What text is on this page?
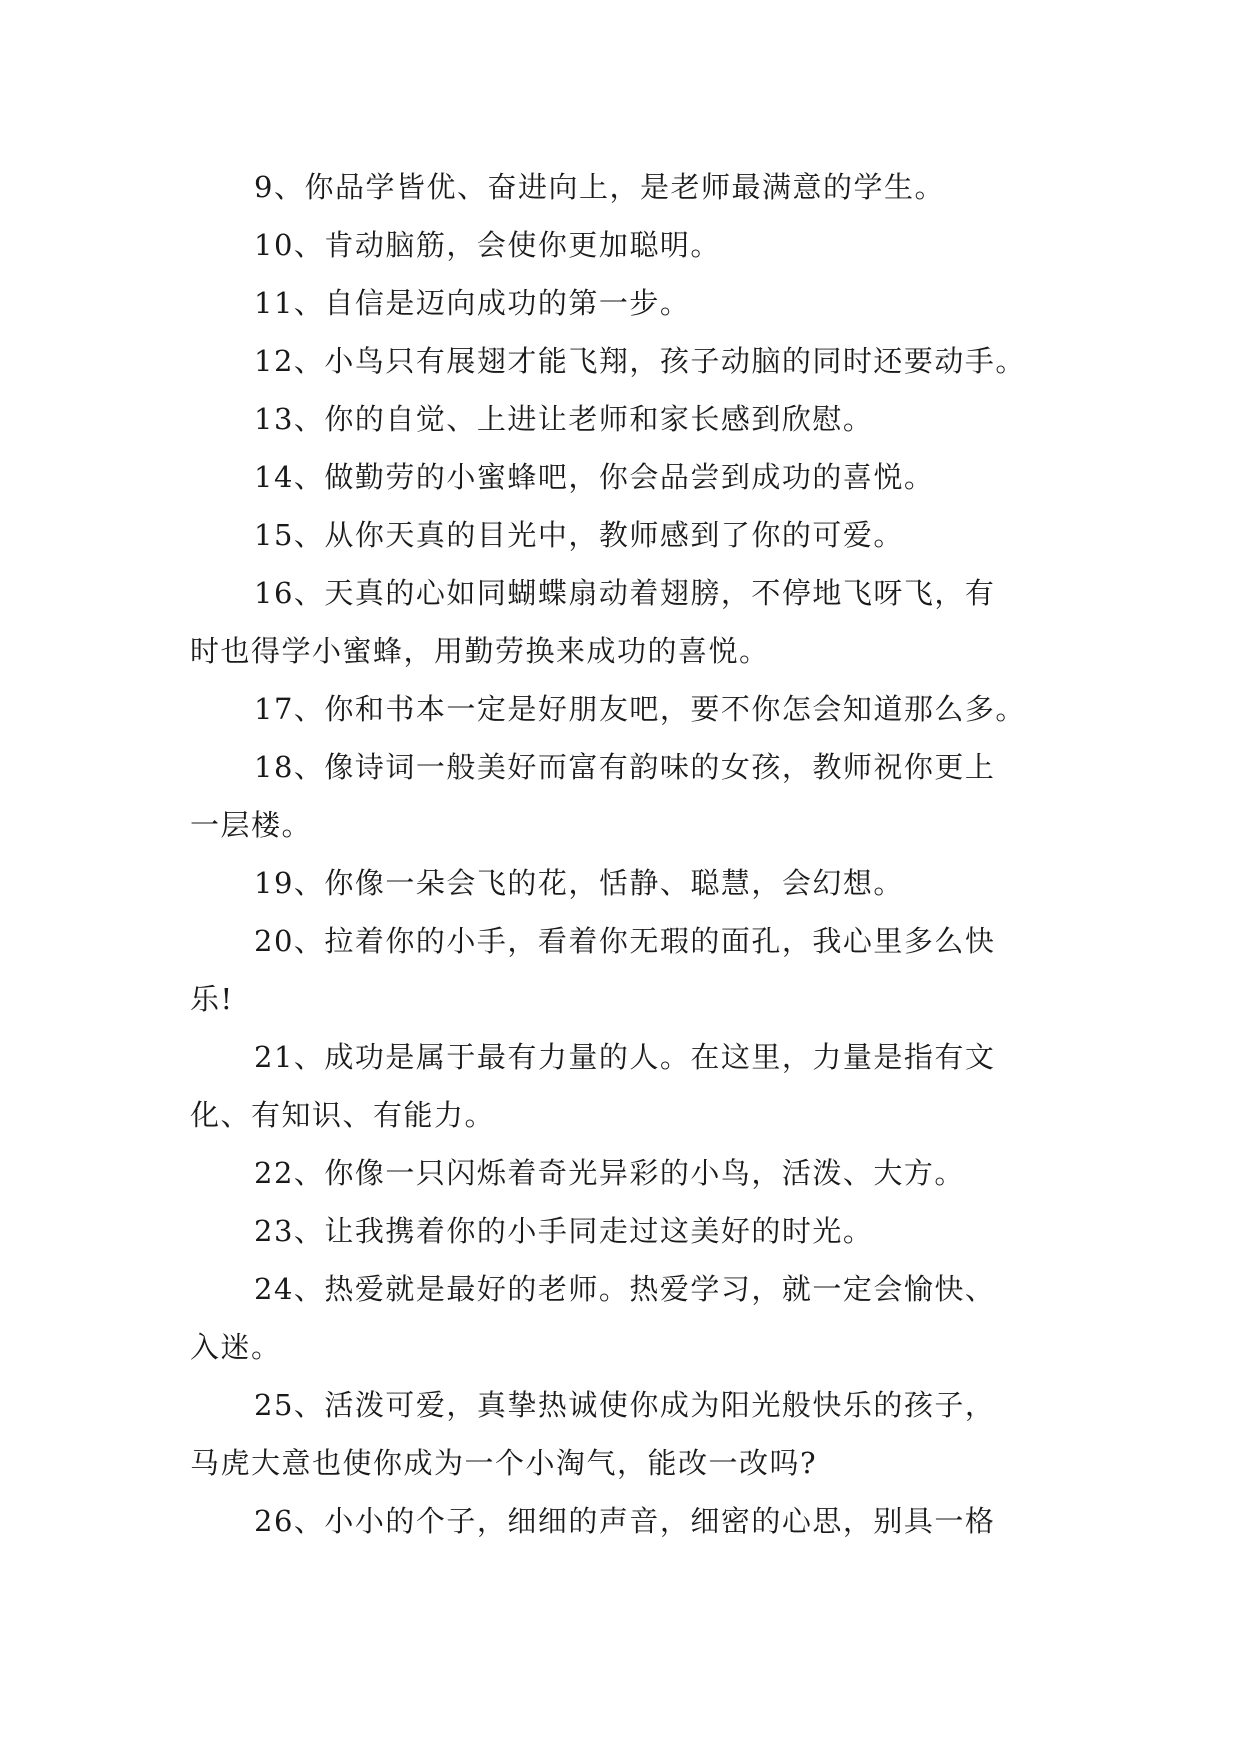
9、你品学皆优、奋进向上，是老师最满意的学生。
10、肯动脑筋，会使你更加聪明。
11、自信是迈向成功的第一步。
12、小鸟只有展翅才能飞翔，孩子动脑的同时还要动手。
13、你的自觉、上进让老师和家长感到欣慰。
14、做勤劳的小蜜蜂吧，你会品尝到成功的喜悦。
15、从你天真的目光中，教师感到了你的可爱。
16、天真的心如同蝴蝶扇动着翅膀，不停地飞呀飞，有
时也得学小蜜蜂，用勤劳换来成功的喜悦。
17、你和书本一定是好朋友吧，要不你怎会知道那么多。
18、像诗词一般美好而富有韵味的女孩，教师祝你更上
一层楼。
19、你像一朵会飞的花，恬静、聪慧，会幻想。
20、拉着你的小手，看着你无瑕的面孔，我心里多么快
乐!
21、成功是属于最有力量的人。在这里，力量是指有文
化、有知识、有能力。
22、你像一只闪烁着奇光异彩的小鸟，活泼、大方。
23、让我携着你的小手同走过这美好的时光。
24、热爱就是最好的老师。热爱学习，就一定会愉快、
入迷。
25、活泼可爱，真挚热诚使你成为阳光般快乐的孩子，
马虎大意也使你成为一个小淘气，能改一改吗?
26、小小的个子，细细的声音，细密的心思，别具一格
